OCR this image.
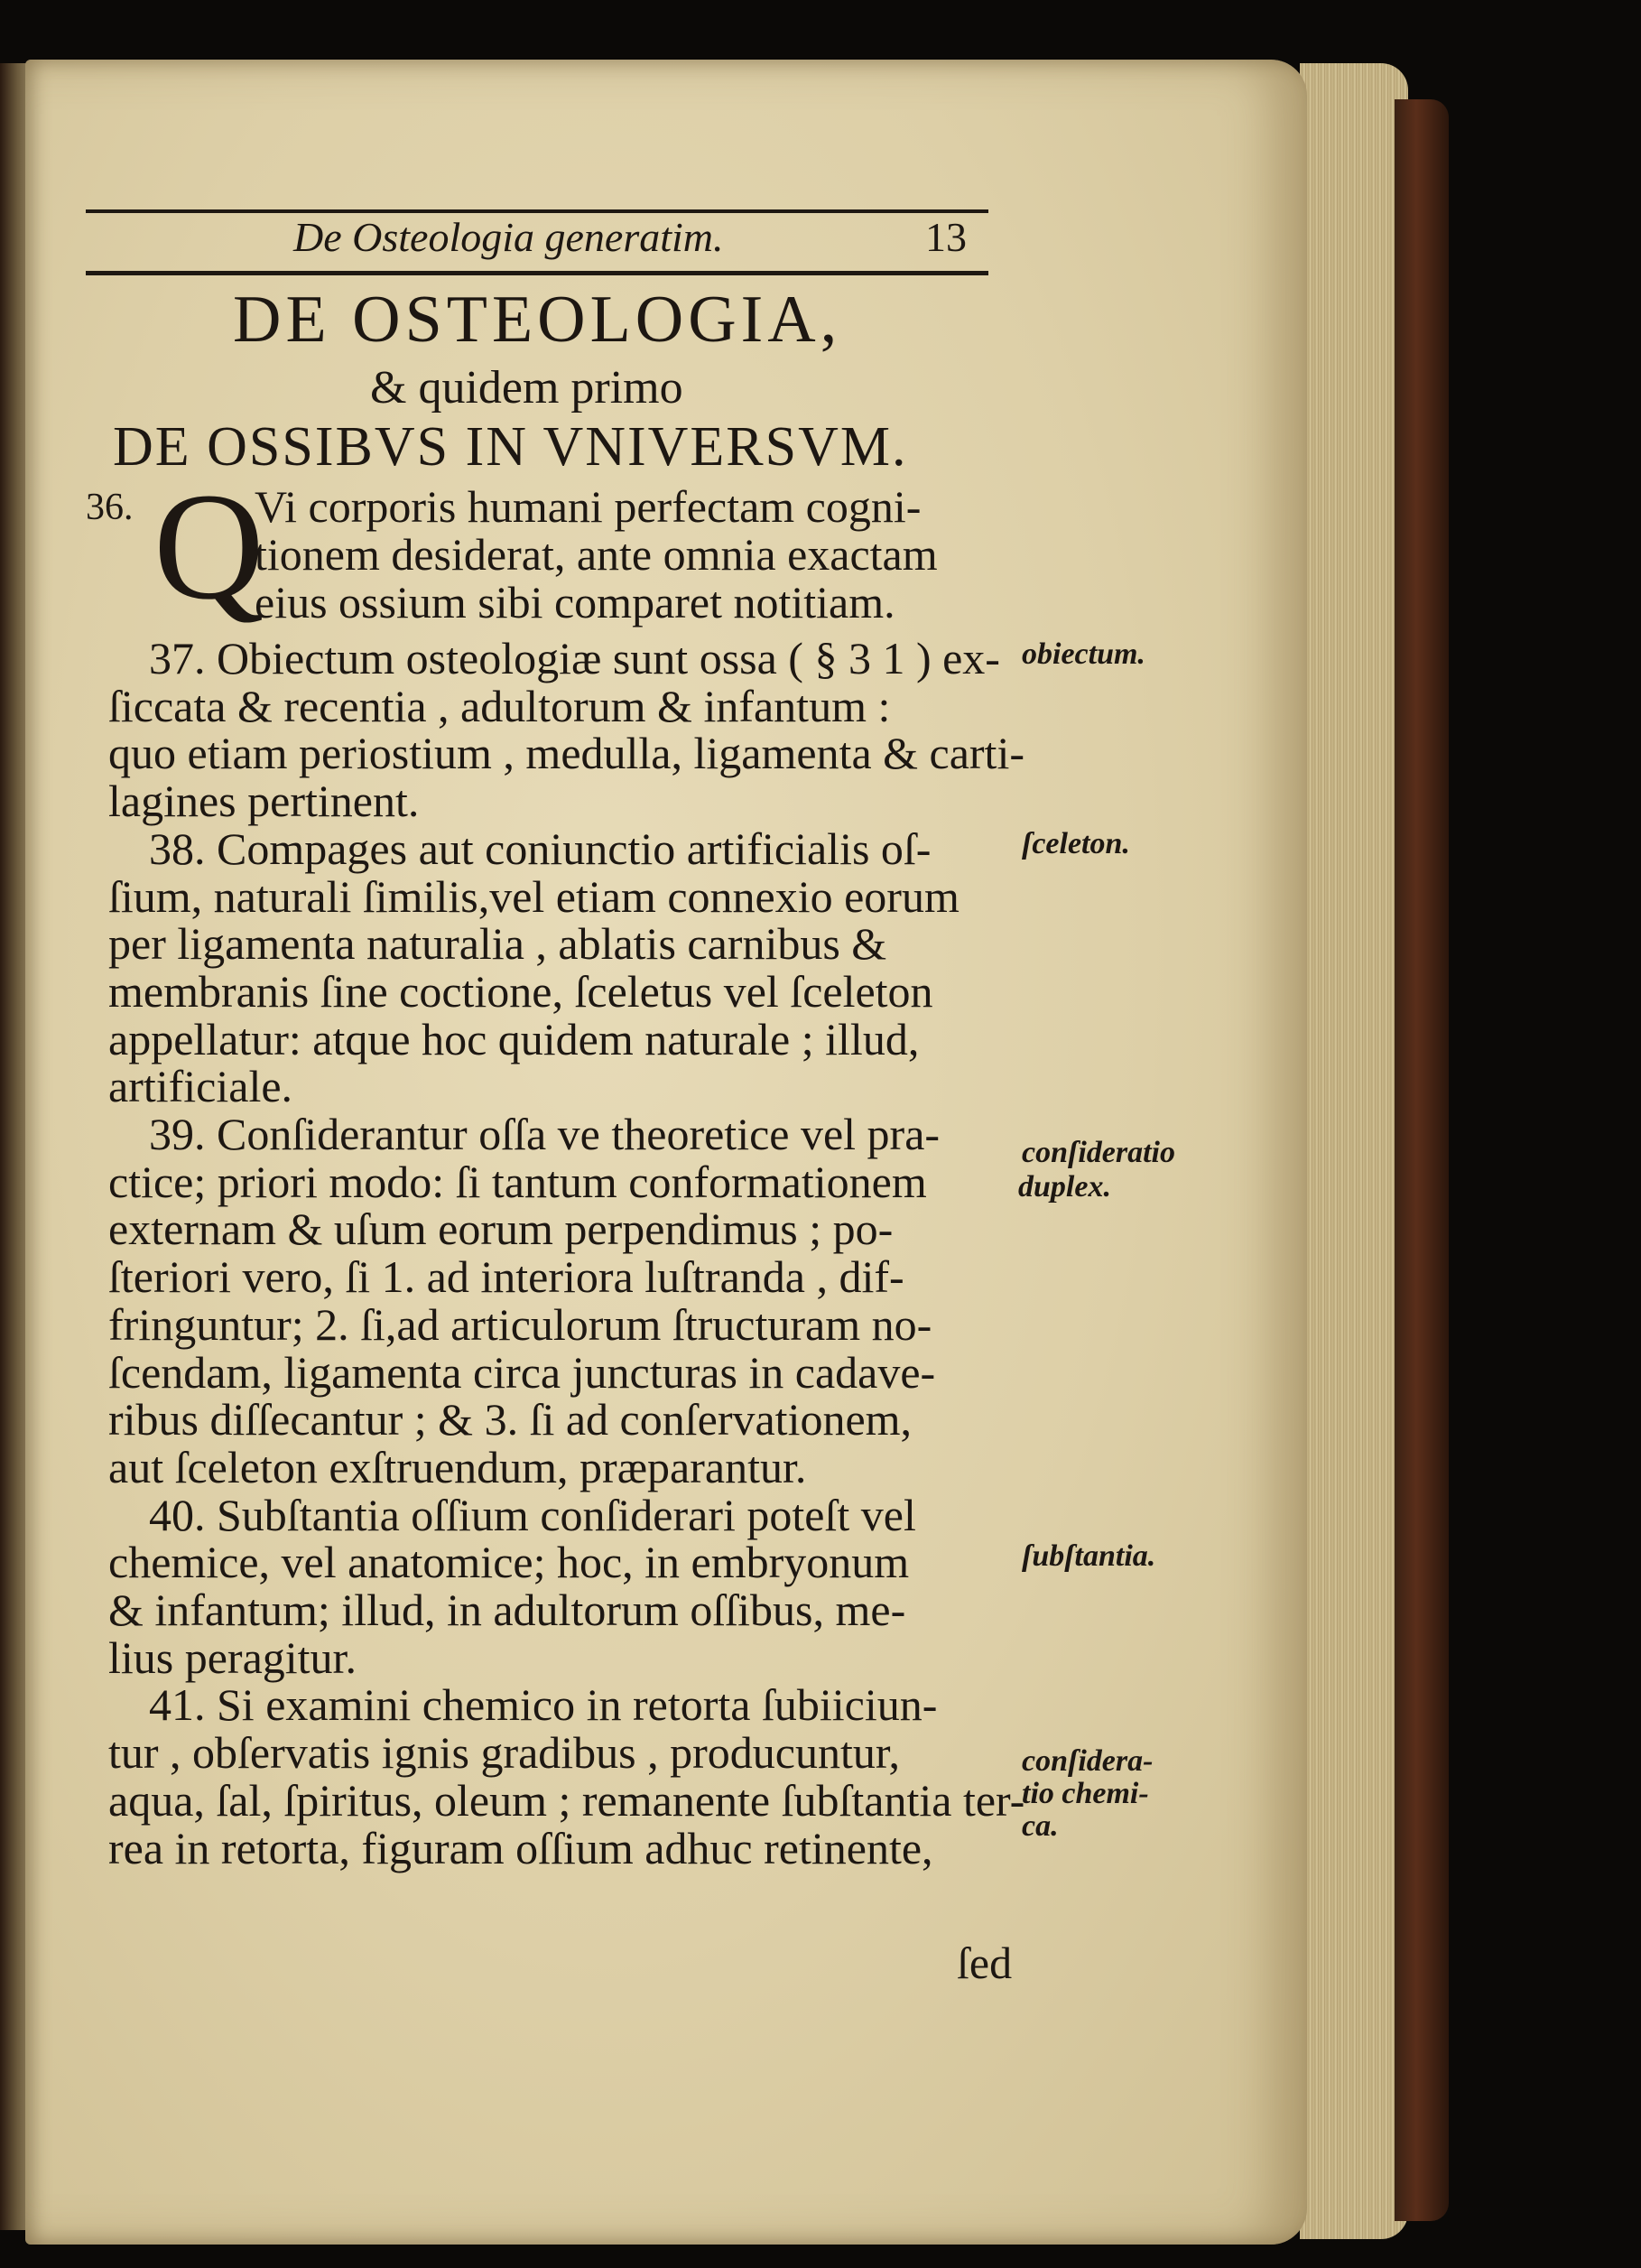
De Osteologia generatim.	13
DE OSTEOLOGIA,
& quidem primo
DE OSSIBVS IN VNIVERSVM.
36. Q
Vi corporis humani perfectam cogni-
tionem desiderat, ante omnia exactam
eius ossium sibi comparet notitiam.
37. Obiectum osteologiæ sunt ossa ( § 3 1 ) ex-
ſiccata & recentia , adultorum & infantum :
quo etiam periostium , medulla, ligamenta & carti-
lagines pertinent.
38. Compages aut coniunctio artificialis oſ-
ſium, naturali ſimilis,vel etiam connexio eorum
per ligamenta naturalia , ablatis carnibus &
membranis ſine coctione, ſceletus vel ſceleton
appellatur: atque hoc quidem naturale ; illud,
artificiale.
39. Conſiderantur oſſa ve theoretice vel pra-
ctice; priori modo: ſi tantum conformationem
externam & uſum eorum perpendimus ; po-
ſteriori vero, ſi 1. ad interiora luſtranda , dif-
fringuntur; 2. ſi,ad articulorum ſtructuram no-
ſcendam, ligamenta circa juncturas in cadave-
ribus diſſecantur ; & 3. ſi ad conſervationem,
aut ſceleton exſtruendum, præparantur.
40. Subſtantia oſſium conſiderari poteſt vel
chemice, vel anatomice; hoc, in embryonum
& infantum; illud, in adultorum oſſibus, me-
lius peragitur.
41. Si examini chemico in retorta ſubiiciun-
tur , obſervatis ignis gradibus , producuntur,
aqua, ſal, ſpiritus, oleum ; remanente ſubſtantia ter-
rea in retorta, figuram oſſium adhuc retinente,
ſed
obiectum.
ſceleton.
conſideratio
duplex.
ſubſtantia.
conſidera-
tio chemi-
ca.
